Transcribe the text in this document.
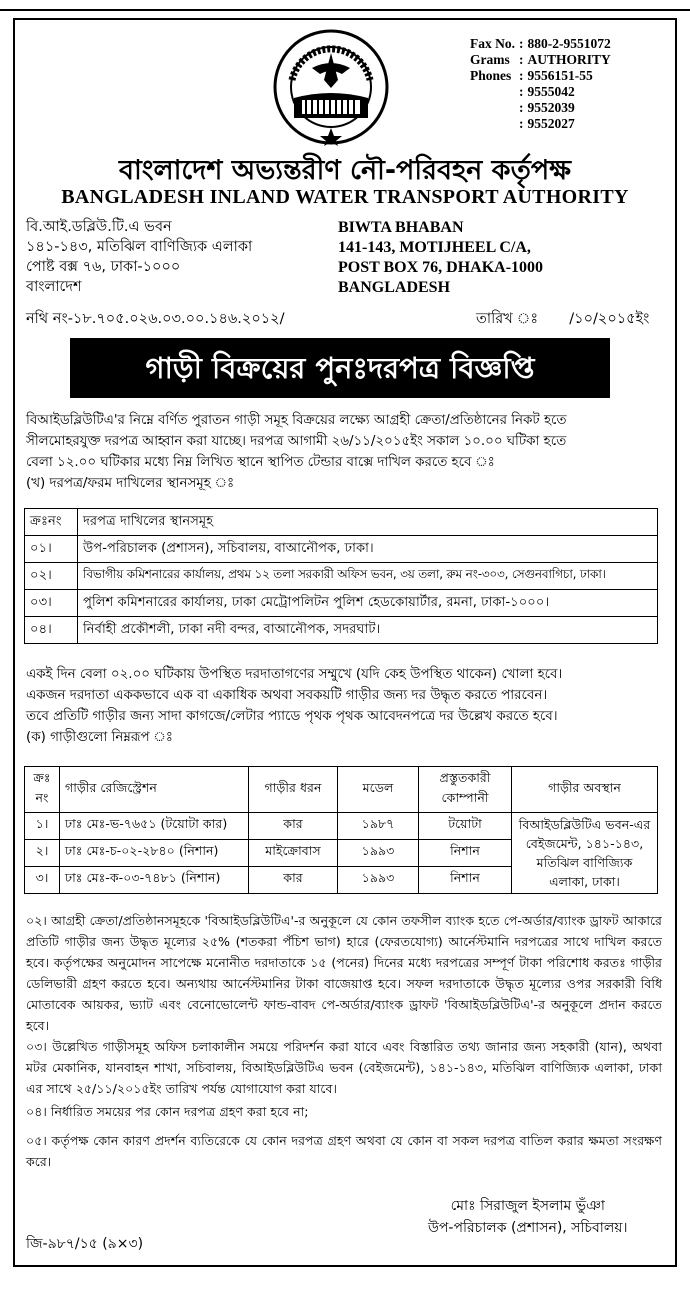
Fax No.	:	880-2-9551072
Grams	:	AUTHORITY
Phones	:	9556151-55
	:	9555042
	:	9552039
	:	9552027
বাংলাদেশ অভ্যন্তরীণ নৌ-পরিবহন কর্তৃপক্ষ
BANGLADESH INLAND WATER TRANSPORT AUTHORITY
বি.আই.ডব্লিউ.টি.এ ভবন
১৪১-১৪৩, মতিঝিল বাণিজ্যিক এলাকা
পোষ্ট বক্স ৭৬, ঢাকা-১০০০
বাংলাদেশ
BIWTA BHABAN
141-143, MOTIJHEEL C/A,
POST BOX 76, DHAKA-1000
BANGLADESH
নথি নং-১৮.৭০৫.০২৬.০৩.০০.১৪৬.২০১২/	তারিখ ঃ /১০/২০১৫ইং
গাড়ী বিক্রয়ের পুনঃদরপত্র বিজ্ঞপ্তি
বিআইডব্লিউটিএ'র নিম্নে বর্ণিত পুরাতন গাড়ী সমূহ বিক্রয়ের লক্ষ্যে আগ্রহী ক্রেতা/প্রতিষ্ঠানের নিকট হতে
সীলমোহরযুক্ত দরপত্র আহ্বান করা যাচ্ছে। দরপত্র আগামী ২৬/১১/২০১৫ইং সকাল ১০.০০ ঘটিকা হতে
বেলা ১২.০০ ঘটিকার মধ্যে নিম্ন লিখিত স্থানে স্থাপিত টেন্ডার বাক্সে দাখিল করতে হবে ঃ
(খ) দরপত্র/ফরম দাখিলের স্থানসমূহ ঃ
ক্রঃনং	দরপত্র দাখিলের স্থানসমূহ
০১।	উপ-পরিচালক (প্রশাসন), সচিবালয়, বাআনৌপক, ঢাকা।
০২।	বিভাগীয় কমিশনারের কার্যালয়, প্রথম ১২ তলা সরকারী অফিস ভবন, ৩য় তলা, রুম নং-৩০৩, সেগুনবাগিচা, ঢাকা।
০৩।	পুলিশ কমিশনারের কার্যালয়, ঢাকা মেট্রোপলিটন পুলিশ হেডকোয়ার্টার, রমনা, ঢাকা-১০০০।
০৪।	নির্বাহী প্রকৌশলী, ঢাকা নদী বন্দর, বাআনৌপক, সদরঘাট।
একই দিন বেলা ০২.০০ ঘটিকায় উপস্থিত দরদাতাগণের সম্মুখে (যদি কেহ উপস্থিত থাকেন) খোলা হবে।
একজন দরদাতা এককভাবে এক বা একাধিক অথবা সবকয়টি গাড়ীর জন্য দর উদ্ধৃত করতে পারবেন।
তবে প্রতিটি গাড়ীর জন্য সাদা কাগজে/লেটার প্যাডে পৃথক পৃথক আবেদনপত্রে দর উল্লেখ করতে হবে।
(ক) গাড়ীগুলো নিম্নরূপ ঃ
ক্রঃ নং	গাড়ীর রেজিস্ট্রেশন	গাড়ীর ধরন	মডেল	প্রস্তুতকারী কোম্পানী	গাড়ীর অবস্থান
১।	ঢাঃ মেঃ-ভ-৭৬৫১ (টয়োটা কার)	কার	১৯৮৭	টয়োটা	বিআইডব্লিউটিএ ভবন-এর বেইজমেন্ট, ১৪১-১৪৩, মতিঝিল বাণিজ্যিক এলাকা, ঢাকা।
২।	ঢাঃ মেঃ-চ-০২-২৮৪০ (নিশান)	মাইক্রোবাস	১৯৯৩	নিশান	
৩।	ঢাঃ মেঃ-ক-০৩-৭৪৮১ (নিশান)	কার	১৯৯৩	নিশান	
০২। আগ্রহী ক্রেতা/প্রতিষ্ঠানসমূহকে 'বিআইডব্লিউটিএ'-র অনুকূলে যে কোন তফসীল ব্যাংক হতে পে-অর্ডার/ব্যাংক ড্রাফট আকারে প্রতিটি গাড়ীর জন্য উদ্ধৃত মূল্যের ২৫% (শতকরা পঁচিশ ভাগ) হারে (ফেরতযোগ্য) আর্নেস্টমানি দরপত্রের সাথে দাখিল করতে হবে। কর্তৃপক্ষের অনুমোদন সাপেক্ষে মনোনীত দরদাতাকে ১৫ (পনের) দিনের মধ্যে দরপত্রের সম্পূর্ণ টাকা পরিশোধ করতঃ গাড়ীর ডেলিভারী গ্রহণ করতে হবে। অন্যথায় আর্নেস্টমানির টাকা বাজেয়াপ্ত হবে। সফল দরদাতাকে উদ্ধৃত মূল্যের ওপর সরকারী বিধি মোতাবেক আয়কর, ভ্যাট এবং বেনোভোলেন্ট ফান্ড-বাবদ পে-অর্ডার/ব্যাংক ড্রাফট 'বিআইডব্লিউটিএ'-র অনুকূলে প্রদান করতে হবে।
০৩। উল্লেখিত গাড়ীসমূহ অফিস চলাকালীন সময়ে পরিদর্শন করা যাবে এবং বিস্তারিত তথ্য জানার জন্য সহকারী (যান), অথবা মটর মেকানিক, যানবাহন শাখা, সচিবালয়, বিআইডব্লিউটিএ ভবন (বেইজমেন্ট), ১৪১-১৪৩, মতিঝিল বাণিজ্যিক এলাকা, ঢাকা এর সাথে ২৫/১১/২০১৫ইং তারিখ পর্যন্ত যোগাযোগ করা যাবে।
০৪। নির্ধারিত সময়ের পর কোন দরপত্র গ্রহণ করা হবে না;
০৫। কর্তৃপক্ষ কোন কারণ প্রদর্শন ব্যতিরেকে যে কোন দরপত্র গ্রহণ অথবা যে কোন বা সকল দরপত্র বাতিল করার ক্ষমতা সংরক্ষণ করে।
মোঃ সিরাজুল ইসলাম ভুঁঞা
উপ-পরিচালক (প্রশাসন), সচিবালয়।
জি-৯৮৭/১৫ (৯×৩)
